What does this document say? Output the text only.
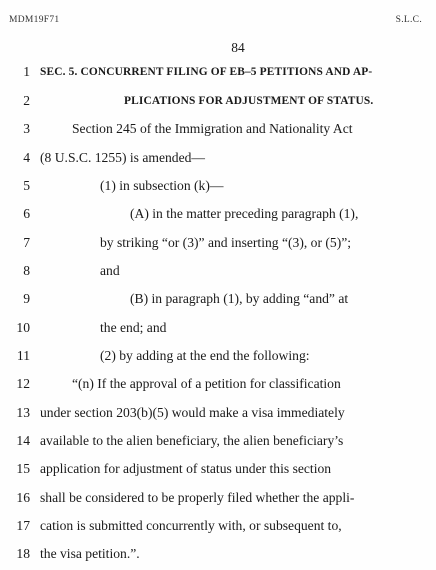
MDM19F71	S.L.C.
84
1 SEC. 5. CONCURRENT FILING OF EB–5 PETITIONS AND AP-
2	PLICATIONS FOR ADJUSTMENT OF STATUS.
3	Section 245 of the Immigration and Nationality Act
4 (8 U.S.C. 1255) is amended—
5	(1) in subsection (k)—
6	(A) in the matter preceding paragraph (1),
7	by striking “or (3)” and inserting “(3), or (5)”;
8	and
9	(B) in paragraph (1), by adding “and” at
10	the end; and
11	(2) by adding at the end the following:
12	“(n) If the approval of a petition for classification
13 under section 203(b)(5) would make a visa immediately
14 available to the alien beneficiary, the alien beneficiary’s
15 application for adjustment of status under this section
16 shall be considered to be properly filed whether the appli-
17 cation is submitted concurrently with, or subsequent to,
18 the visa petition.”.
